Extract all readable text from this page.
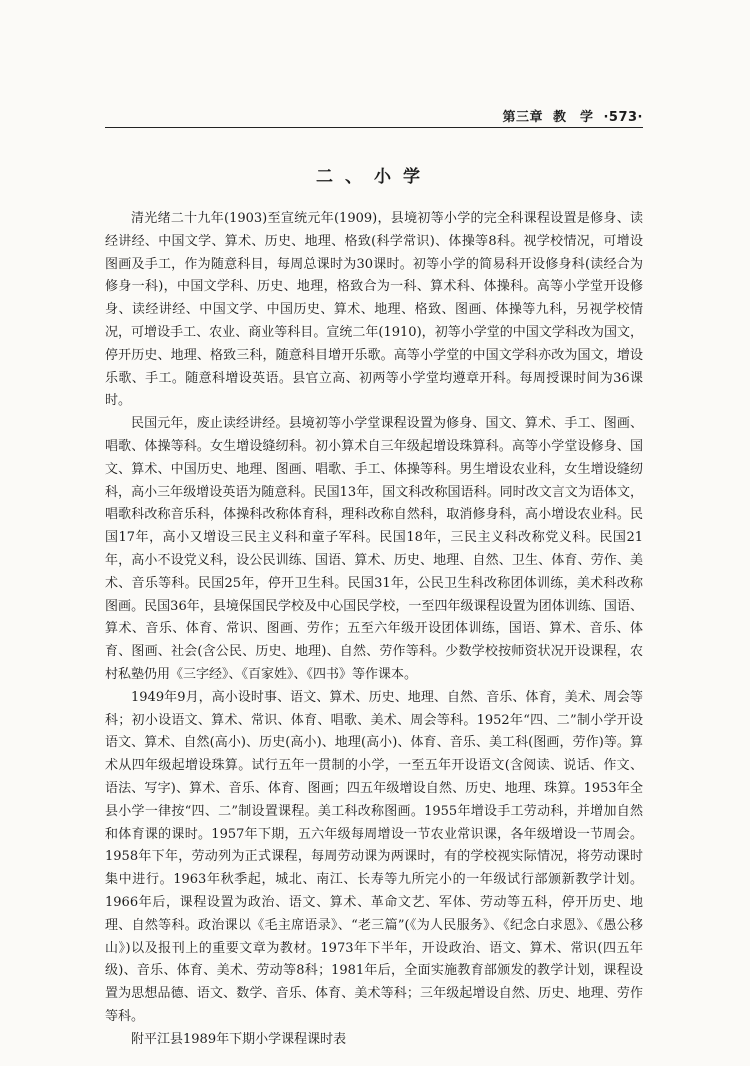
第三章 教　学 ·573·
二、小学

清光绪二十九年(1903)至宣统元年(1909)，县境初等小学的完全科课程设置是修身、读经讲经、中国文学、算术、历史、地理、格致(科学常识)、体操等8科。视学校情况，可增设图画及手工，作为随意科目，每周总课时为30课时。初等小学的简易科开设修身科(读经合为修身一科)，中国文学科、历史、地理，格致合为一科、算术科、体操科。高等小学堂开设修身、读经讲经、中国文学、中国历史、算术、地理、格致、图画、体操等九科，另视学校情况，可增设手工、农业、商业等科目。宣统二年(1910)，初等小学堂的中国文学科改为国文，停开历史、地理、格致三科，随意科目增开乐歌。高等小学堂的中国文学科亦改为国文，增设乐歌、手工。随意科增设英语。县官立高、初两等小学堂均遵章开科。每周授课时间为36课时。

民国元年，废止读经讲经。县境初等小学堂课程设置为修身、国文、算术、手工、图画、唱歌、体操等科。女生增设缝纫科。初小算术自三年级起增设珠算科。高等小学堂设修身、国文、算术、中国历史、地理、图画、唱歌、手工、体操等科。男生增设农业科，女生增设缝纫科，高小三年级增设英语为随意科。民国13年，国文科改称国语科。同时改文言文为语体文，唱歌科改称音乐科，体操科改称体育科，理科改称自然科，取消修身科，高小增设农业科。民国17年，高小又增设三民主义科和童子军科。民国18年，三民主义科改称党义科。民国21年，高小不设党义科，设公民训练、国语、算术、历史、地理、自然、卫生、体育、劳作、美术、音乐等科。民国25年，停开卫生科。民国31年，公民卫生科改称团体训练，美术科改称图画。民国36年，县境保国民学校及中心国民学校，一至四年级课程设置为团体训练、国语、算术、音乐、体育、常识、图画、劳作；五至六年级开设团体训练，国语、算术、音乐、体育、图画、社会(含公民、历史、地理)、自然、劳作等科。少数学校按师资状况开设课程，农村私塾仍用《三字经》、《百家姓》、《四书》等作课本。

1949年9月，高小设时事、语文、算术、历史、地理、自然、音乐、体育，美术、周会等科；初小设语文、算术、常识、体育、唱歌、美术、周会等科。1952年“四、二”制小学开设语文、算术、自然(高小)、历史(高小)、地理(高小)、体育、音乐、美工科(图画，劳作)等。算术从四年级起增设珠算。试行五年一贯制的小学，一至五年开设语文(含阅读、说话、作文、语法、写字)、算术、音乐、体育、图画；四五年级增设自然、历史、地理、珠算。1953年全县小学一律按“四、二”制设置课程。美工科改称图画。1955年增设手工劳动科，并增加自然和体育课的课时。1957年下期，五六年级每周增设一节农业常识课，各年级增设一节周会。1958年下年，劳动列为正式课程，每周劳动课为两课时，有的学校视实际情况，将劳动课时集中进行。1963年秋季起，城北、南江、长寿等九所完小的一年级试行部颁新教学计划。1966年后，课程设置为政治、语文、算术、革命文艺、军体、劳动等五科，停开历史、地理、自然等科。政治课以《毛主席语录》、“老三篇”(《为人民服务》、《纪念白求恩》、《愚公移山》)以及报刊上的重要文章为教材。1973年下半年，开设政治、语文、算术、常识(四五年级)、音乐、体育、美术、劳动等8科；1981年后，全面实施教育部颁发的教学计划，课程设置为思想品德、语文、数学、音乐、体育、美术等科；三年级起增设自然、历史、地理、劳作等科。

附平江县1989年下期小学课程课时表
